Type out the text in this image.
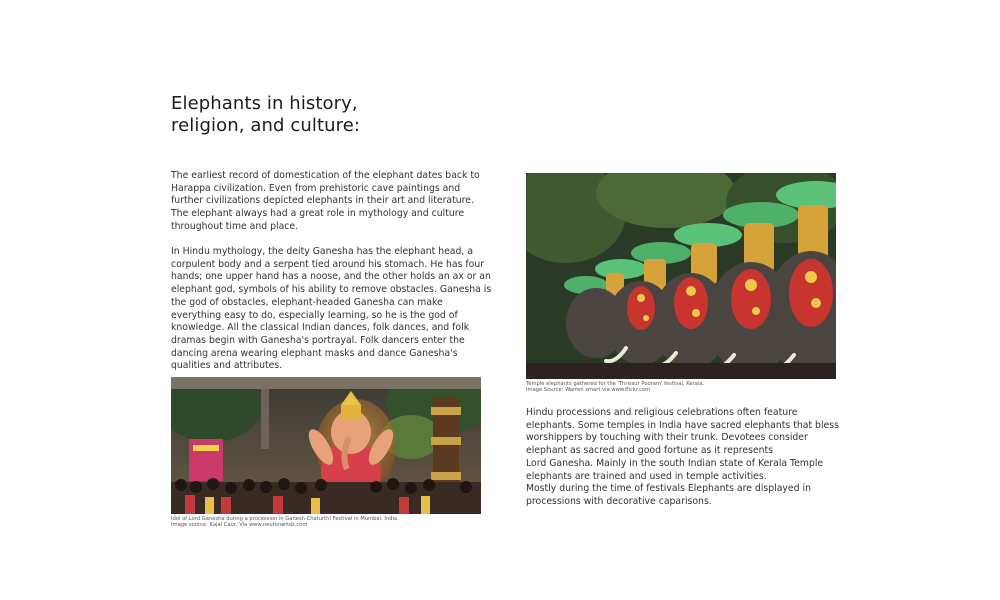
Elephants in history,
religion, and culture:

The earliest record of domestication of the elephant dates back to
Harappa civilization. Even from prehistoric cave paintings and
further civilizations depicted elephants in their art and literature.
The elephant always had a great role in mythology and culture
throughout time and place.

In Hindu mythology, the deity Ganesha has the elephant head, a
corpulent body and a serpent tied around his stomach. He has four
hands; one upper hand has a noose, and the other holds an ax or an
elephant god, symbols of his ability to remove obstacles. Ganesha is
the god of obstacles, elephant-headed Ganesha can make
everything easy to do, especially learning, so he is the god of
knowledge. All the classical Indian dances, folk dances, and folk
dramas begin with Ganesha's portrayal. Folk dancers enter the
dancing arena wearing elephant masks and dance Ganesha's
qualities and attributes.

Idol of Lord Ganesha during a procession in Ganesh Chaturthi Festival in Mumbai, India.
Image source: Kajal Caur, Via www.neutonwhdz.com

Temple elephants gathered for the 'Thrissur Pooram' festival, Kerala.
Image Source: Warren smart via www.flickr.com

Hindu processions and religious celebrations often feature
elephants. Some temples in India have sacred elephants that bless
worshippers by touching with their trunk. Devotees consider
elephant as sacred and good fortune as it represents
Lord Ganesha. Mainly in the south Indian state of Kerala Temple
elephants are trained and used in temple activities.
Mostly during the time of festivals Elephants are displayed in
processions with decorative caparisons.
